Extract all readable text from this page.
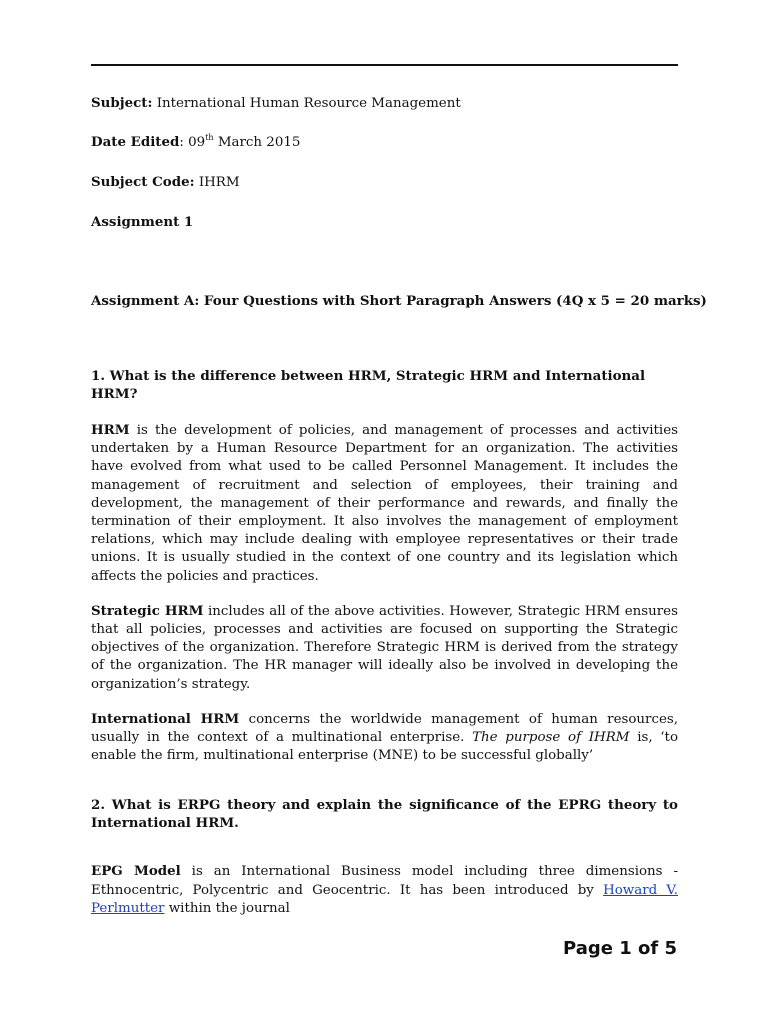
Subject: International Human Resource Management

Date Edited: 09th March 2015

Subject Code: IHRM

Assignment 1

Assignment A: Four Questions with Short Paragraph Answers (4Q x 5 = 20 marks)

1. What is the difference between HRM, Strategic HRM and International HRM?

HRM is the development of policies, and management of processes and activities undertaken by a Human Resource Department for an organization. The activities have evolved from what used to be called Personnel Management. It includes the management of recruitment and selection of employees, their training and development, the management of their performance and rewards, and finally the termination of their employment. It also involves the management of employment relations, which may include dealing with employee representatives or their trade unions. It is usually studied in the context of one country and its legislation which affects the policies and practices.

Strategic HRM includes all of the above activities. However, Strategic HRM ensures that all policies, processes and activities are focused on supporting the Strategic objectives of the organization. Therefore Strategic HRM is derived from the strategy of the organization. The HR manager will ideally also be involved in developing the organization’s strategy.

International HRM concerns the worldwide management of human resources, usually in the context of a multinational enterprise. The purpose of IHRM is, ‘to enable the firm, multinational enterprise (MNE) to be successful globally’

2. What is ERPG theory and explain the significance of the EPRG theory to International HRM.

EPG Model is an International Business model including three dimensions - Ethnocentric, Polycentric and Geocentric. It has been introduced by Howard V. Perlmutter within the journal

Page 1 of 5
